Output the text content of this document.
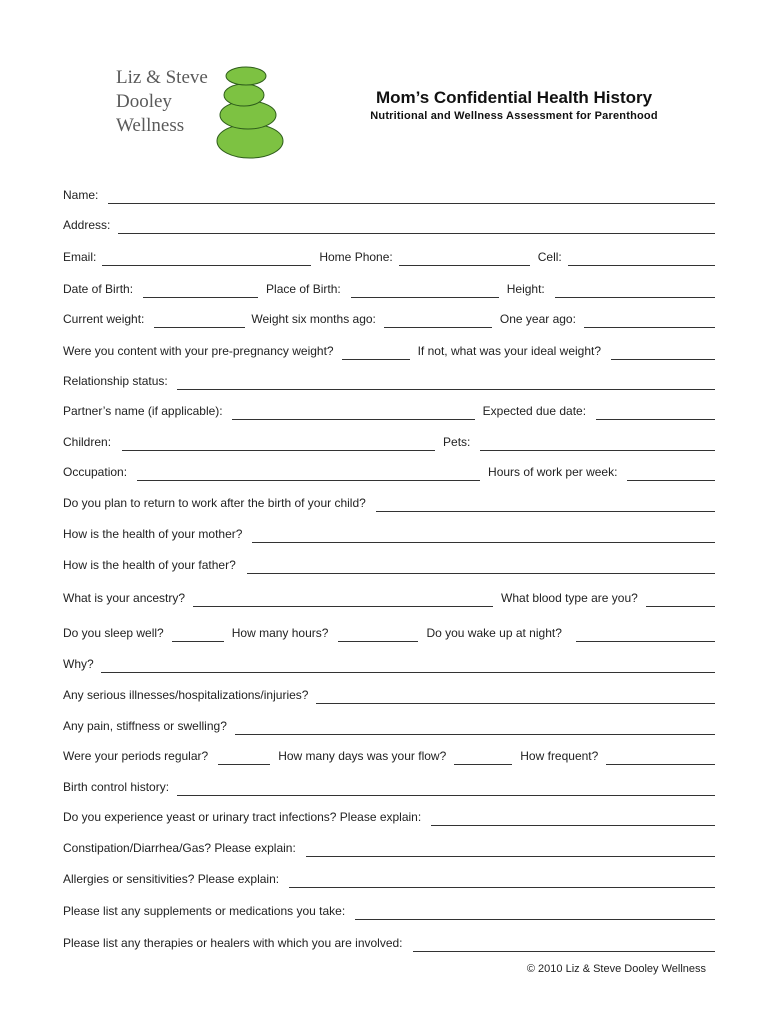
Liz & Steve
Dooley
Wellness

Mom’s Confidential Health History

Nutritional and Wellness Assessment for Parenthood

Name:
Address:
Email:	Home Phone:	Cell:
Date of Birth:	Place of Birth:	Height:
Current weight:	Weight six months ago:	One year ago:
Were you content with your pre-pregnancy weight?	If not, what was your ideal weight?
Relationship status:
Partner’s name (if applicable):	Expected due date:
Children:	Pets:
Occupation:	Hours of work per week:
Do you plan to return to work after the birth of your child?
How is the health of your mother?
How is the health of your father?
What is your ancestry?	What blood type are you?
Do you sleep well?	How many hours?	Do you wake up at night?
Why?
Any serious illnesses/hospitalizations/injuries?
Any pain, stiffness or swelling?
Were your periods regular?	How many days was your flow?	How frequent?
Birth control history:
Do you experience yeast or urinary tract infections? Please explain:
Constipation/Diarrhea/Gas? Please explain:
Allergies or sensitivities? Please explain:
Please list any supplements or medications you take:
Please list any therapies or healers with which you are involved:

© 2010 Liz & Steve Dooley Wellness
